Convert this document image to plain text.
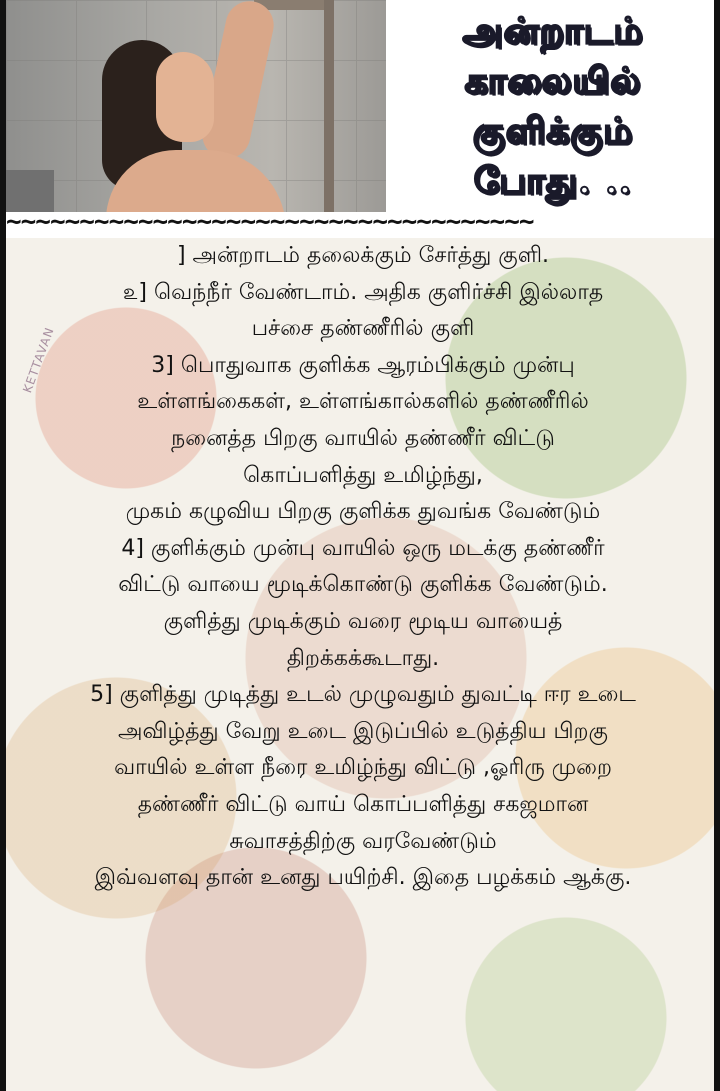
அன்றாடம்
காலையில்
குளிக்கும்
போது. ..
~~~~~~~~~~~~~~~~~~~~~~~~~~~~~~~~~~~~
KETTAVAN
] அன்றாடம் தலைக்கும் சேர்த்து குளி.
௨] வெந்நீர் வேண்டாம். அதிக குளிர்ச்சி இல்லாத
பச்சை தண்ணீரில் குளி
3] பொதுவாக குளிக்க ஆரம்பிக்கும் முன்பு
உள்ளங்கைகள், உள்ளங்கால்களில் தண்ணீரில்
நனைத்த பிறகு வாயில் தண்ணீர் விட்டு
கொப்பளித்து உமிழ்ந்து,
முகம் கழுவிய பிறகு குளிக்க துவங்க வேண்டும்
4] குளிக்கும் முன்பு வாயில் ஒரு மடக்கு தண்ணீர்
விட்டு வாயை மூடிக்கொண்டு குளிக்க வேண்டும்.
குளித்து முடிக்கும் வரை மூடிய வாயைத்
திறக்கக்கூடாது.
5] குளித்து முடித்து உடல் முழுவதும் துவட்டி ஈர உடை
அவிழ்த்து வேறு உடை இடுப்பில் உடுத்திய பிறகு
வாயில் உள்ள நீரை உமிழ்ந்து விட்டு ,ஓரிரு முறை
தண்ணீர் விட்டு வாய் கொப்பளித்து சகஜமான
சுவாசத்திற்கு வரவேண்டும்
இவ்வளவு தான் உனது பயிற்சி. இதை பழக்கம் ஆக்கு.
